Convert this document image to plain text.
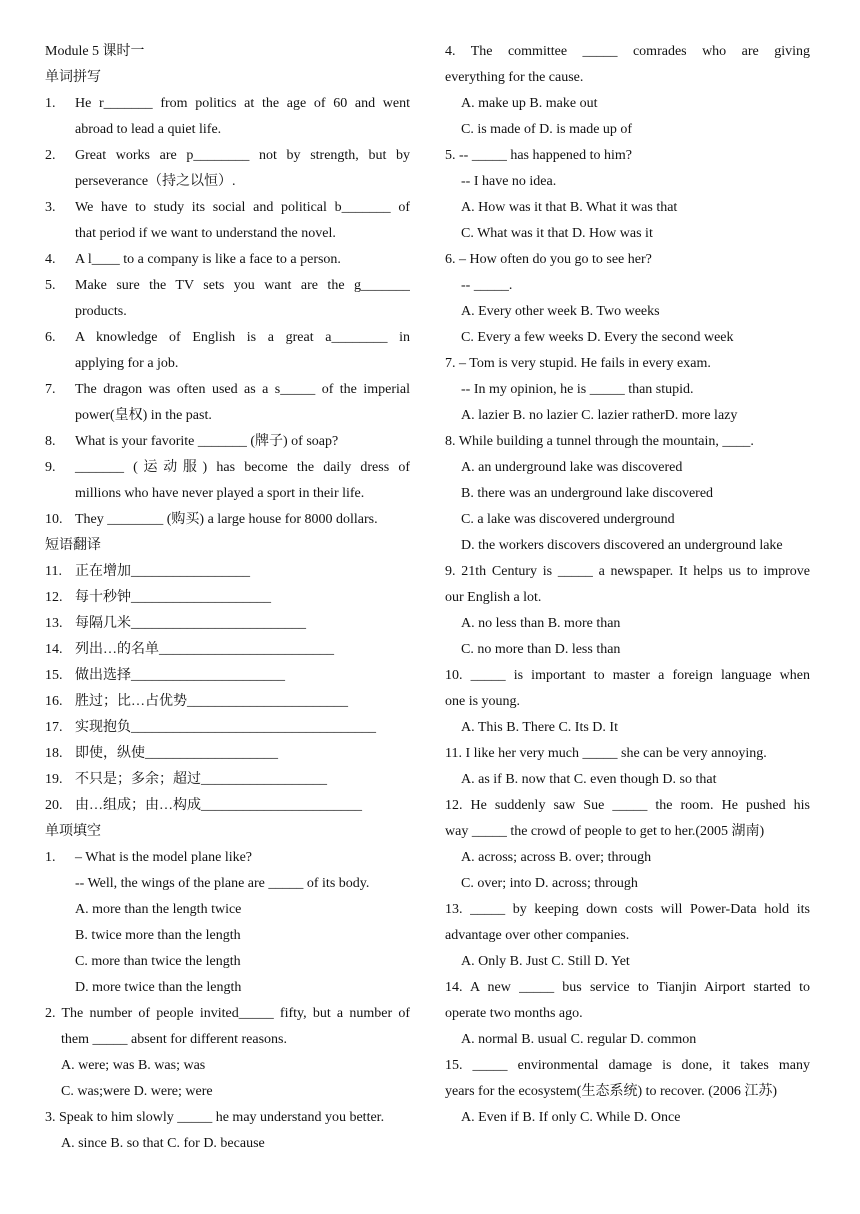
Module 5 课时一
单词拼写
1. He r_______ from politics at the age of 60 and went
abroad to lead a quiet life.
2. Great works are p________ not by strength, but by
perseverance（持之以恒）.
3. We have to study its social and political b_______ of
that period if we want to understand the novel.
4. A l____ to a company is like a face to a person.
5. Make sure the TV sets you want are the g_______
products.
6. A knowledge of English is a great a________ in
applying for a job.
7. The dragon was often used as a s_____ of the imperial
power(皇权) in the past.
8. What is your favorite _______ (牌子) of soap?
9. _______ (运动服) has become the daily dress of
millions who have never played a sport in their life.
10. They ________ (购买) a large house for 8000 dollars.
短语翻译
11. 正在增加_________________
12. 每十秒钟____________________
13. 每隔几米_________________________
14. 列出…的名单_________________________
15. 做出选择______________________
16. 胜过；比…占优势_______________________
17. 实现抱负___________________________________
18. 即使，纵使___________________
19. 不只是；多余；超过__________________
20. 由…组成；由…构成_______________________
单项填空
1. – What is the model plane like?
-- Well, the wings of the plane are _____ of its body.
A. more than the length twice
B. twice more than the length
C. more than twice the length
D. more twice than the length
2. The number of people invited_____ fifty, but a number of
them _____ absent for different reasons.
A. were; was B. was; was
C. was;were D. were; were
3. Speak to him slowly _____ he may understand you better.
A. since B. so that C. for D. because
4. The committee _____ comrades who are giving
everything for the cause.
A. make up B. make out
C. is made of D. is made up of
5. -- _____ has happened to him?
-- I have no idea.
A. How was it that B. What it was that
C. What was it that D. How was it
6. – How often do you go to see her?
-- _____.
A. Every other week B. Two weeks
C. Every a few weeks D. Every the second week
7. – Tom is very stupid. He fails in every exam.
-- In my opinion, he is _____ than stupid.
A. lazier B. no lazier C. lazier ratherD. more lazy
8. While building a tunnel through the mountain, ____.
A. an underground lake was discovered
B. there was an underground lake discovered
C. a lake was discovered underground
D. the workers discovers discovered an underground lake
9. 21th Century is _____ a newspaper. It helps us to improve
our English a lot.
A. no less than B. more than
C. no more than D. less than
10. _____ is important to master a foreign language when
one is young.
A. This B. There C. Its D. It
11. I like her very much _____ she can be very annoying.
A. as if B. now that C. even though D. so that
12. He suddenly saw Sue _____ the room. He pushed his
way _____ the crowd of people to get to her.(2005 湖南)
A. across; across B. over; through
C. over; into D. across; through
13. _____ by keeping down costs will Power-Data hold its
advantage over other companies.
A. Only B. Just C. Still D. Yet
14. A new _____ bus service to Tianjin Airport started to
operate two months ago.
A. normal B. usual C. regular D. common
15. _____ environmental damage is done, it takes many
years for the ecosystem(生态系统) to recover. (2006 江苏)
A. Even if B. If only C. While D. Once
